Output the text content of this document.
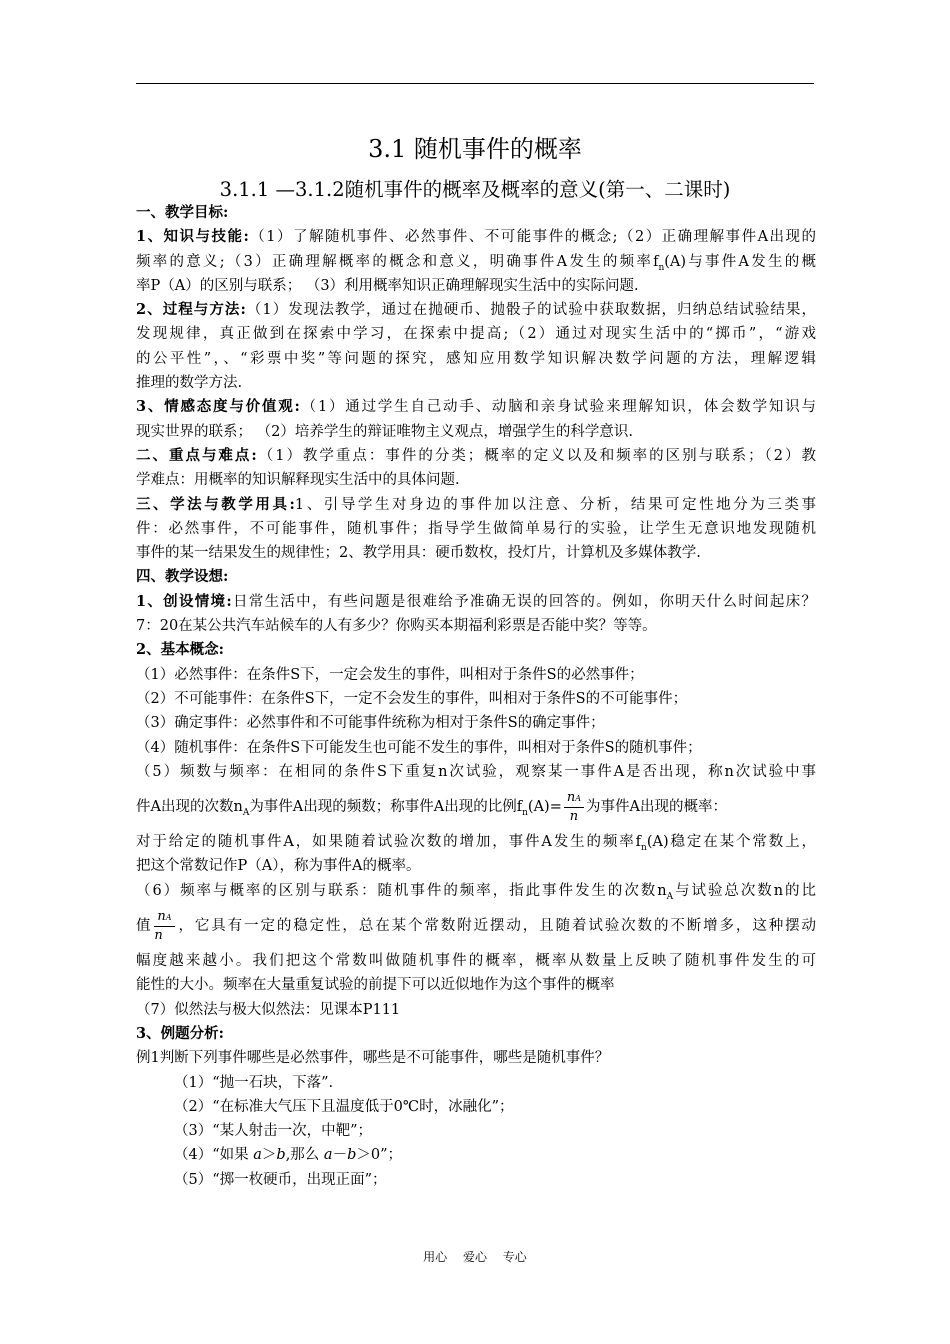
3.1 随机事件的概率
3.1.1 —3.1.2随机事件的概率及概率的意义(第一、二课时)
一、教学目标:
1、知识与技能:（1）了解随机事件、必然事件、不可能事件的概念;（2）正确理解事件A出现的
频率的意义;（3）正确理解概率的概念和意义，明确事件A发生的频率$f_n(A)$与事件A发生的概
率P（A）的区别与联系； （3）利用概率知识正确理解现实生活中的实际问题.
2、过程与方法:（1）发现法教学，通过在抛硬币、抛骰子的试验中获取数据，归纳总结试验结果，
发现规律，真正做到在探索中学习，在探索中提高;（2）通过对现实生活中的“掷币”，“游戏
的公平性”，、“彩票中奖”等问题的探究，感知应用数学知识解决数学问题的方法，理解逻辑
推理的数学方法.
3、情感态度与价值观:（1）通过学生自己动手、动脑和亲身试验来理解知识，体会数学知识与
现实世界的联系； （2）培养学生的辩证唯物主义观点，增强学生的科学意识.
二、重点与难点:（1）教学重点：事件的分类；概率的定义以及和频率的区别与联系；（2）教
学难点：用概率的知识解释现实生活中的具体问题.
三、学法与教学用具:1、引导学生对身边的事件加以注意、分析，结果可定性地分为三类事
件：必然事件，不可能事件，随机事件；指导学生做简单易行的实验，让学生无意识地发现随机
事件的某一结果发生的规律性；2、教学用具：硬币数枚，投灯片，计算机及多媒体教学.
四、教学设想:
1、创设情境:日常生活中，有些问题是很难给予准确无误的回答的。例如，你明天什么时间起床？
7：20在某公共汽车站候车的人有多少？你购买本期福利彩票是否能中奖？等等。
2、基本概念:
（1）必然事件：在条件S下，一定会发生的事件，叫相对于条件S的必然事件；
（2）不可能事件：在条件S下，一定不会发生的事件，叫相对于条件S的不可能事件；
（3）确定事件：必然事件和不可能事件统称为相对于条件S的确定事件；
（4）随机事件：在条件S下可能发生也可能不发生的事件，叫相对于条件S的随机事件；
（5）频数与频率：在相同的条件S下重复n次试验，观察某一事件A是否出现，称n次试验中事
件A出现的次数$n_A$为事件A出现的频数；称事件A出现的比例$f_n(A)= \frac{nA}{n}$ 为事件A出现的概率：
对于给定的随机事件A，如果随着试验次数的增加，事件A发生的频率$f_n(A)$稳定在某个常数上，
把这个常数记作P（A），称为事件A的概率。
（6）频率与概率的区别与联系：随机事件的频率，指此事件发生的次数$n_A$与试验总次数n的比
值 $\frac{nA}{n}$ ，它具有一定的稳定性，总在某个常数附近摆动，且随着试验次数的不断增多，这种摆动
幅度越来越小。我们把这个常数叫做随机事件的概率，概率从数量上反映了随机事件发生的可
能性的大小。频率在大量重复试验的前提下可以近似地作为这个事件的概率
（7）似然法与极大似然法：见课本P111
3、例题分析:
例1判断下列事件哪些是必然事件，哪些是不可能事件，哪些是随机事件？
（1）“抛一石块，下落”.
（2）“在标准大气压下且温度低于0℃时，冰融化”；
（3）“某人射击一次，中靶”；
（4）“如果 a＞b,那么 a－b＞0”；
（5）“掷一枚硬币，出现正面”；
用心 爱心 专心
